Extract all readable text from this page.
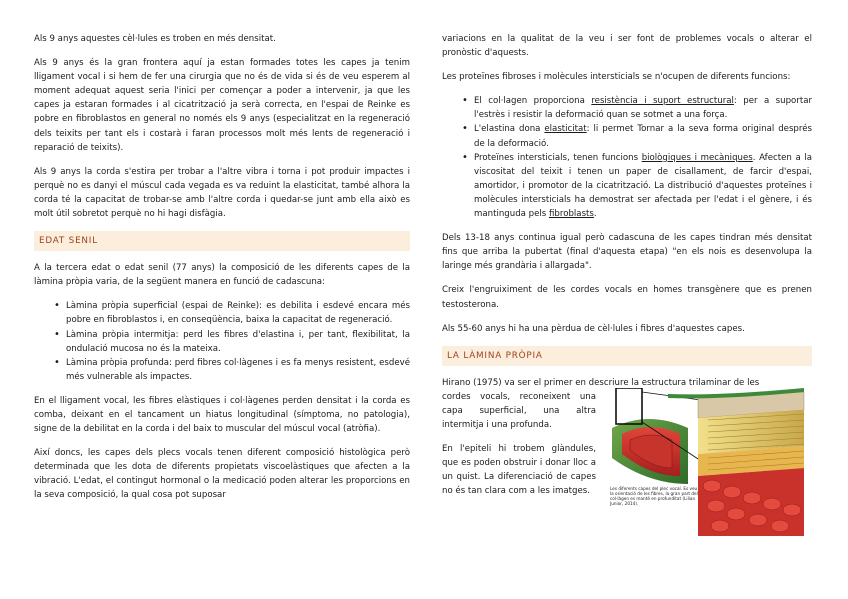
Als 9 anys aquestes cèl·lules es troben en més densitat.

Als 9 anys és la gran frontera aquí ja estan formades totes les capes ja tenim lligament vocal i si hem de fer una cirurgia que no és de vida si és de veu esperem al moment adequat aquest seria l'inici per començar a poder a intervenir, ja que les capes ja estaran formades i al cicatrització ja serà correcta, en l'espai de Reinke es pobre en fibroblastos en general no només els 9 anys (especialitzat en la regeneració dels teixits per tant els i costarà i faran processos molt més lents de regeneració i reparació de teixits).

Als 9 anys la corda s'estira per trobar a l'altre vibra i torna i pot produir impactes i perquè no es danyi el múscul cada vegada es va reduint la elasticitat, també alhora la corda té la capacitat de trobar-se amb l'altre corda i quedar-se junt amb ella això es molt útil sobretot perquè no hi hagi disfàgia.

EDAT SENIL

A la tercera edat o edat senil (77 anys) la composició de les diferents capes de la làmina pròpia varia, de la següent manera en funció de cadascuna:

• Làmina pròpia superficial (espai de Reinke): es debilita i esdevé encara més pobre en fibroblastos i, en conseqüència, baixa la capacitat de regeneració.
• Làmina pròpia intermitja: perd les fibres d'elastina i, per tant, flexibilitat, la ondulació mucosa no és la mateixa.
• Làmina pròpia profunda: perd fibres col·làgenes i es fa menys resistent, esdevé més vulnerable als impactes.

En el lligament vocal, les fibres elàstiques i col·làgenes perden densitat i la corda es comba, deixant en el tancament un hiatus longitudinal (símptoma, no patologia), signe de la debilitat en la corda i del baix to muscular del múscul vocal (atròfia).

Així doncs, les capes dels plecs vocals tenen diferent composició histològica però determinada que les dota de diferents propietats viscoelàstiques que afecten a la vibració. L'edat, el contingut hormonal o la medicació poden alterar les proporcions en la seva composició, la qual cosa pot suposar

variacions en la qualitat de la veu i ser font de problemes vocals o alterar el pronòstic d'aquests.

Les proteïnes fibroses i molècules intersticials se n'ocupen de diferents funcions:

• El col·lagen proporciona resistència i suport estructural: per a suportar l'estrès i resistir la deformació quan se sotmet a una força.
• L'elastina dona elasticitat: li permet Tornar a la seva forma original després de la deformació.
• Proteïnes intersticials, tenen funcions biològiques i mecàniques. Afecten a la viscositat del teixit i tenen un paper de cisallament, de farcir d'espai, amortidor, i promotor de la cicatrització. La distribució d'aquestes proteïnes i molècules intersticials ha demostrat ser afectada per l'edat i el gènere, i és mantinguda pels fibroblasts.

Dels 13-18 anys continua igual però cadascuna de les capes tindran més densitat fins que arriba la pubertat (final d'aquesta etapa) "en els nois es desenvolupa la laringe més grandària i allargada".

Creix l'engruiximent de les cordes vocals en homes transgènere que es prenen testosterona.

Als 55-60 anys hi ha una pèrdua de cèl·lules i fibres d'aquestes capes.

LA LÀMINA PRÒPIA

Hirano (1975) va ser el primer en descriure la estructura trilaminar de les

cordes vocals, reconeixent una capa superficial, una altra intermitja i una profunda.

En l'epiteli hi trobem glàndules, que es poden obstruir i donar lloc a un quist. La diferenciació de capes no és tan clara com a les imatges.	Les diferents capes del plec vocal. Es veu la orientació de les fibres, la gran part del col·làgen es manté en profunditat (Lilian Junior, 2014).
